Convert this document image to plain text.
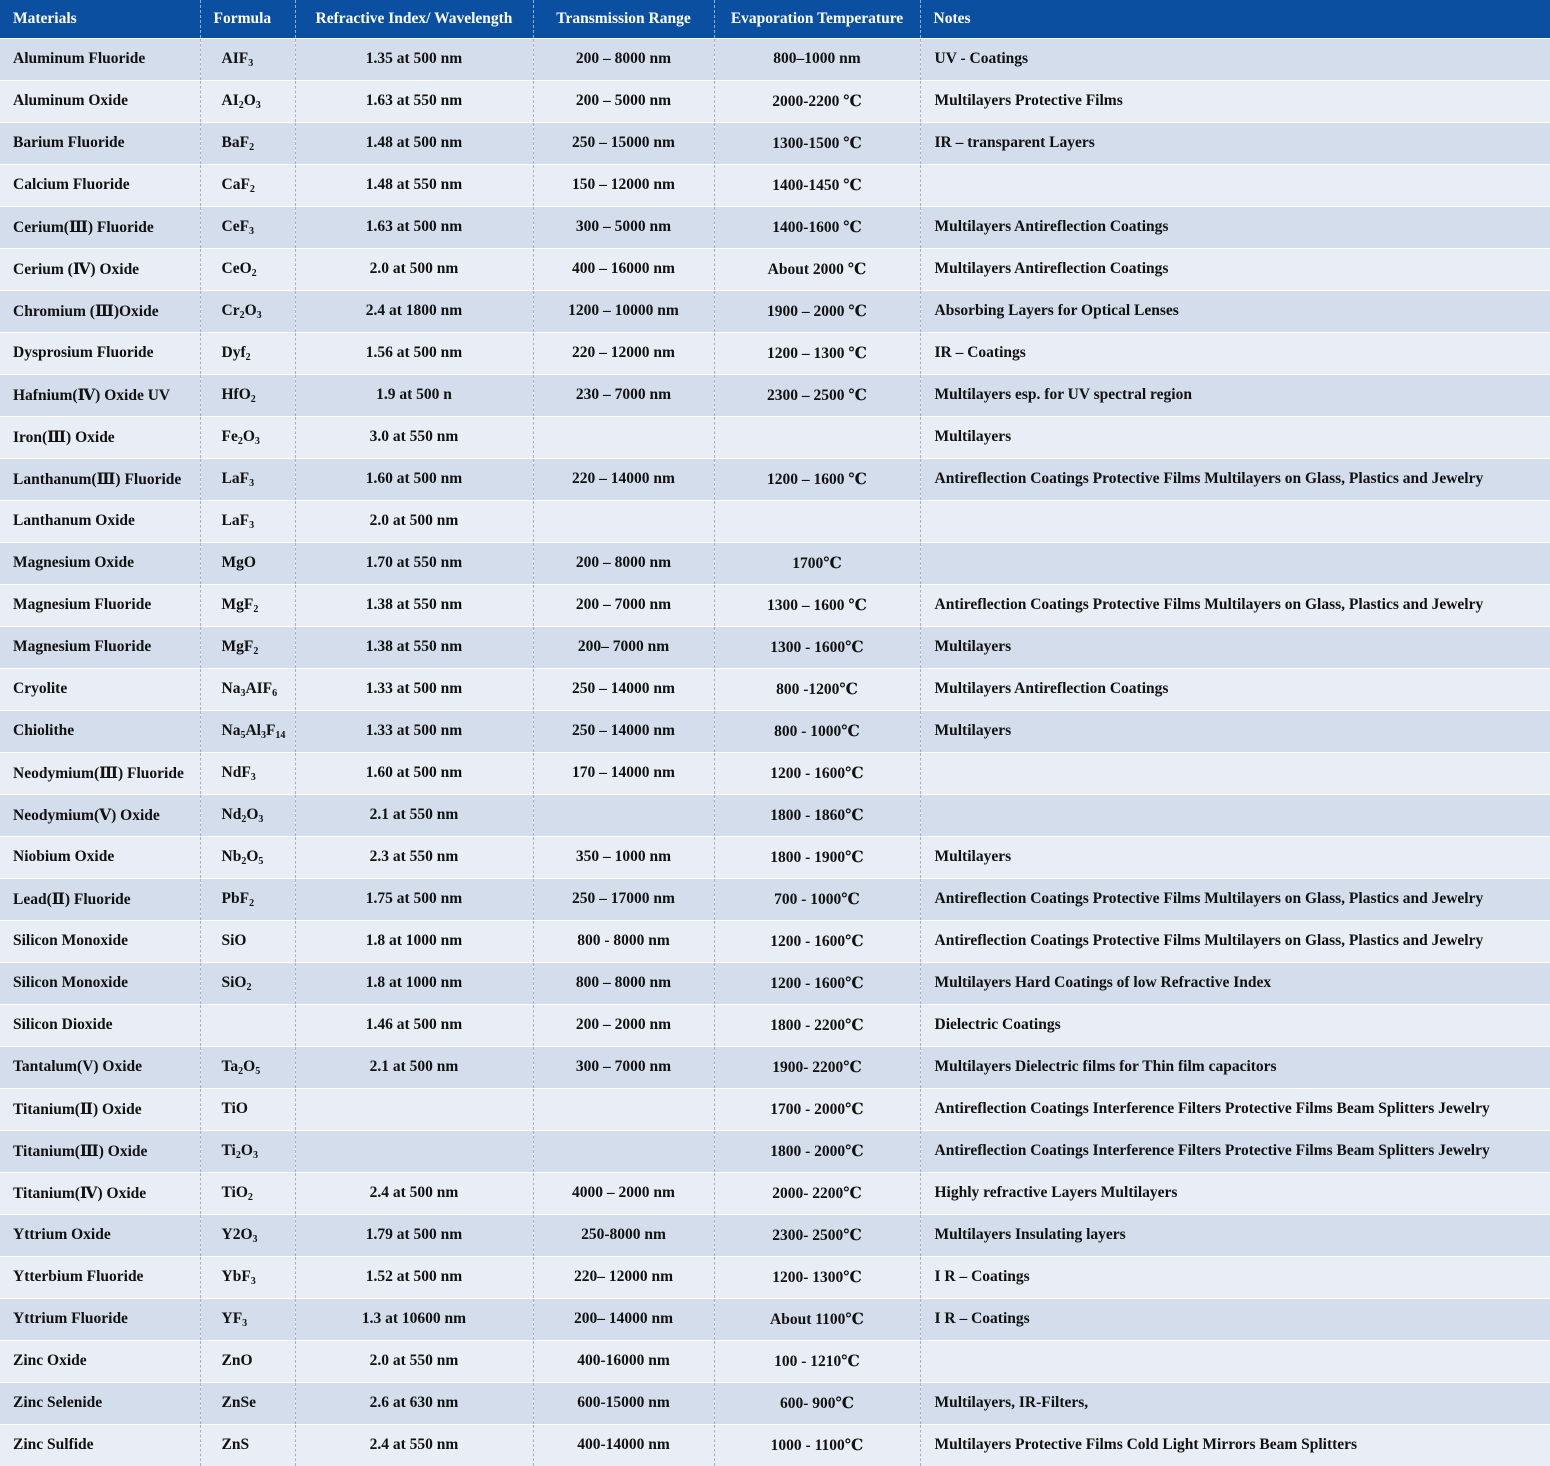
Materials	Formula	Refractive Index/ Wavelength	Transmission Range	Evaporation Temperature	Notes
Aluminum Fluoride	$AIF_3$	1.35 at 500 nm	200 – 8000 nm	800–1000 nm	UV - Coatings
Aluminum Oxide	$AI_2O_3$	1.63 at 550 nm	200 – 5000 nm	2000-2200 ℃	Multilayers Protective Films
Barium Fluoride	BaF$_2$	1.48 at 500 nm	250 – 15000 nm	1300-1500 ℃	IR – transparent Layers
Calcium Fluoride	CaF$_2$	1.48 at 550 nm	150 – 12000 nm	1400-1450 ℃	
Cerium(Ⅲ) Fluoride	CeF$_3$	1.63 at 500 nm	300 – 5000 nm	1400-1600 ℃	Multilayers Antireflection Coatings
Cerium (Ⅳ) Oxide	CeO$_2$	2.0 at 500 nm	400 – 16000 nm	About 2000 ℃	Multilayers Antireflection Coatings
Chromium (Ⅲ)Oxide	$Cr_2O_3$	2.4 at 1800 nm	1200 – 10000 nm	1900 – 2000 ℃	Absorbing Layers for Optical Lenses
Dysprosium Fluoride	Dyf$_2$	1.56 at 500 nm	220 – 12000 nm	1200 – 1300 ℃	IR – Coatings
Hafnium(Ⅳ) Oxide UV	HfO$_2$	1.9 at 500 n	230 – 7000 nm	2300 – 2500 ℃	Multilayers esp. for UV spectral region
Iron(Ⅲ) Oxide	$Fe_2O_3$	3.0 at 550 nm			Multilayers
Lanthanum(Ⅲ) Fluoride	LaF$_3$	1.60 at 500 nm	220 – 14000 nm	1200 – 1600 ℃	Antireflection Coatings Protective Films Multilayers on Glass, Plastics and Jewelry
Lanthanum Oxide	LaF$_3$	2.0 at 500 nm			
Magnesium Oxide	MgO	1.70 at 550 nm	200 – 8000 nm	1700℃	
Magnesium Fluoride	MgF$_2$	1.38 at 550 nm	200 – 7000 nm	1300 – 1600 ℃	Antireflection Coatings Protective Films Multilayers on Glass, Plastics and Jewelry
Magnesium Fluoride	MgF$_2$	1.38 at 550 nm	200– 7000 nm	1300 - 1600℃	Multilayers
Cryolite	$Na_3AIF_6$	1.33 at 500 nm	250 – 14000 nm	800 -1200℃	Multilayers Antireflection Coatings
Chiolithe	$Na_5Al_3F_{14}$	1.33 at 500 nm	250 – 14000 nm	800 - 1000℃	Multilayers
Neodymium(Ⅲ) Fluoride	NdF$_3$	1.60 at 500 nm	170 – 14000 nm	1200 - 1600℃	
Neodymium(Ⅴ) Oxide	$Nd_2O_3$	2.1 at 550 nm		1800 - 1860℃	
Niobium Oxide	$Nb_2O_5$	2.3 at 550 nm	350 – 1000 nm	1800 - 1900℃	Multilayers
Lead(Ⅱ) Fluoride	PbF$_2$	1.75 at 500 nm	250 – 17000 nm	700 - 1000℃	Antireflection Coatings Protective Films Multilayers on Glass, Plastics and Jewelry
Silicon Monoxide	SiO	1.8 at 1000 nm	800 - 8000 nm	1200 - 1600℃	Antireflection Coatings Protective Films Multilayers on Glass, Plastics and Jewelry
Silicon Monoxide	SiO$_2$	1.8 at 1000 nm	800 – 8000 nm	1200 - 1600℃	Multilayers Hard Coatings of low Refractive Index
Silicon Dioxide		1.46 at 500 nm	200 – 2000 nm	1800 - 2200℃	Dielectric Coatings
Tantalum(V) Oxide	$Ta_2O_5$	2.1 at 500 nm	300 – 7000 nm	1900- 2200℃	Multilayers Dielectric films for Thin film capacitors
Titanium(Ⅱ) Oxide	TiO			1700 - 2000℃	Antireflection Coatings Interference Filters Protective Films Beam Splitters Jewelry
Titanium(Ⅲ) Oxide	$Ti_2O_3$			1800 - 2000℃	Antireflection Coatings Interference Filters Protective Films Beam Splitters Jewelry
Titanium(Ⅳ) Oxide	TiO$_2$	2.4 at 500 nm	4000 – 2000 nm	2000- 2200℃	Highly refractive Layers Multilayers
Yttrium Oxide	$Y2O_3$	1.79 at 500 nm	250-8000 nm	2300- 2500℃	Multilayers Insulating layers
Ytterbium Fluoride	YbF$_3$	1.52 at 500 nm	220– 12000 nm	1200- 1300℃	I R – Coatings
Yttrium Fluoride	$YF_3$	1.3 at 10600 nm	200– 14000 nm	About 1100℃	I R – Coatings
Zinc Oxide	ZnO	2.0 at 550 nm	400-16000 nm	100 - 1210℃	
Zinc Selenide	ZnSe	2.6 at 630 nm	600-15000 nm	600- 900℃	Multilayers, IR-Filters,
Zinc Sulfide	ZnS	2.4 at 550 nm	400-14000 nm	1000 - 1100℃	Multilayers Protective Films Cold Light Mirrors Beam Splitters
